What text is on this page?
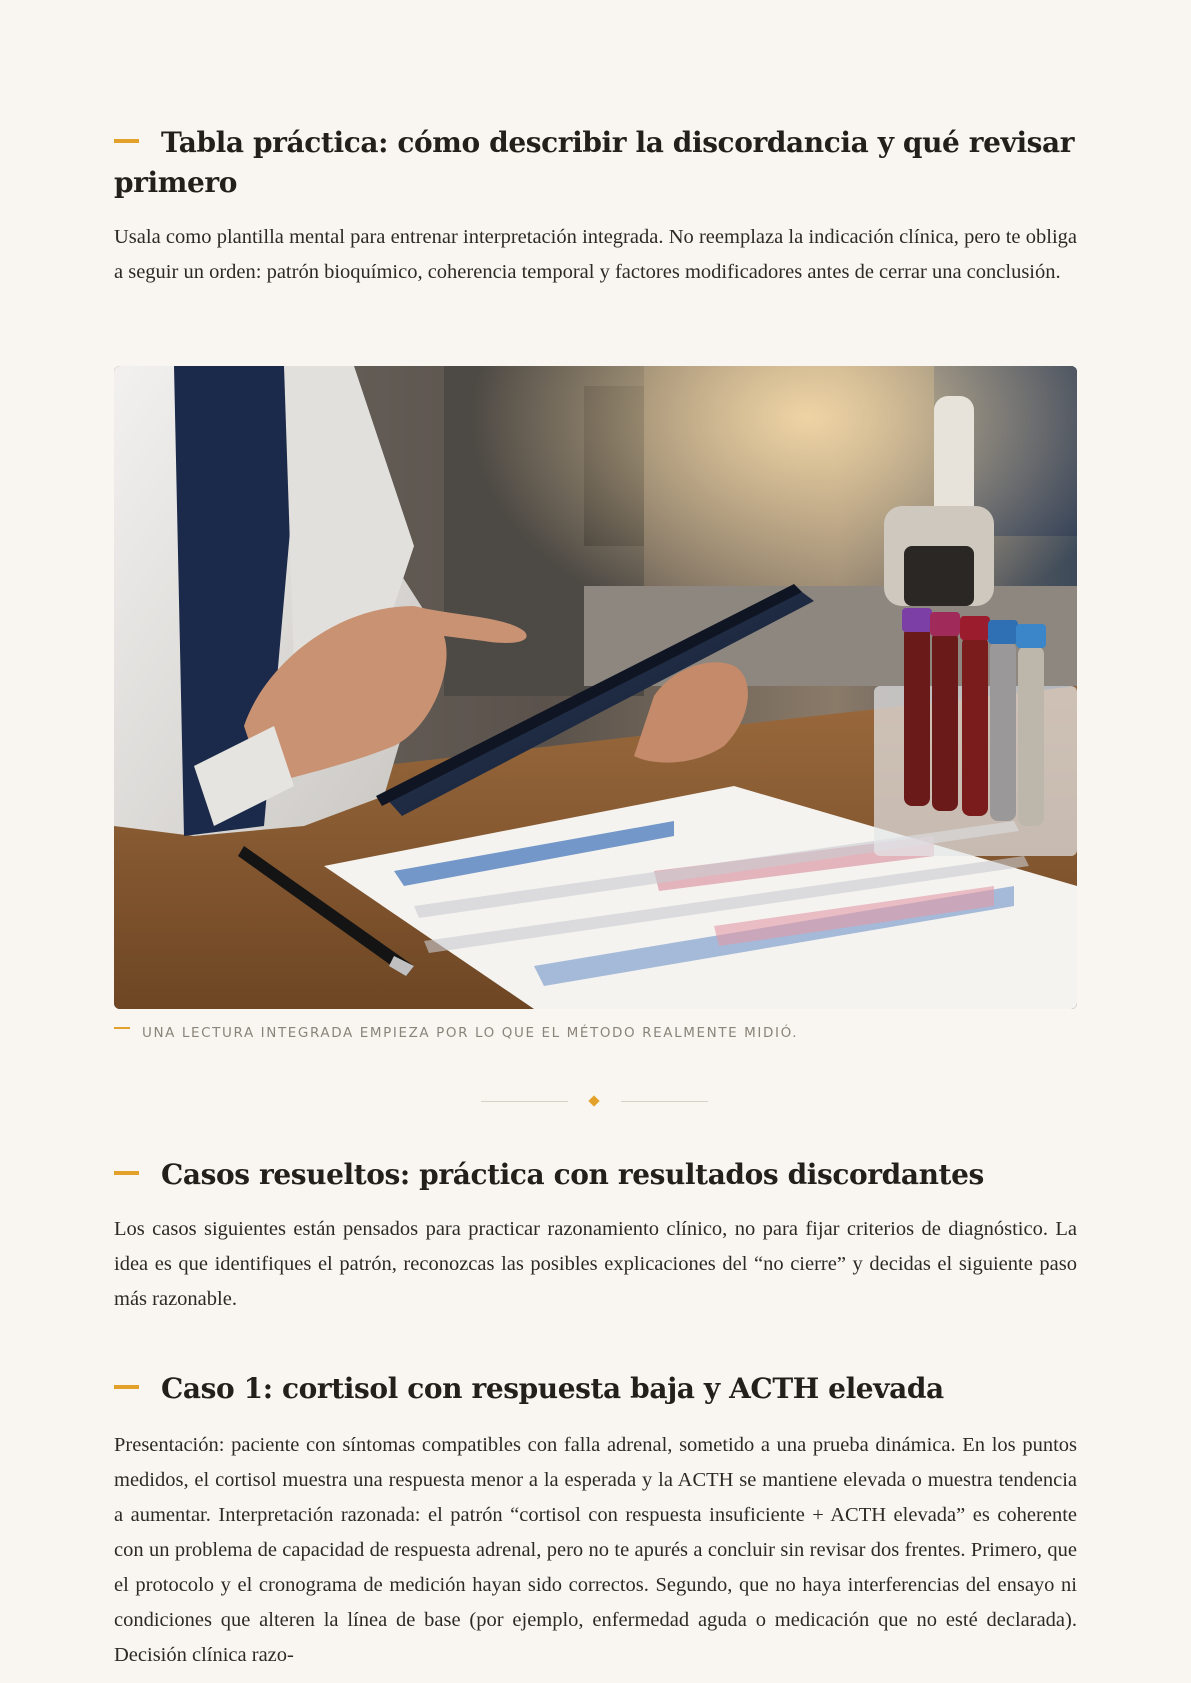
Tabla práctica: cómo describir la discordancia y qué revisar primero

Usala como plantilla mental para entrenar interpretación integrada. No reemplaza la indicación clínica, pero te obliga a seguir un orden: patrón bioquímico, coherencia temporal y factores modificadores antes de cerrar una conclusión.

UNA LECTURA INTEGRADA EMPIEZA POR LO QUE EL MÉTODO REALMENTE MIDIÓ.
Casos resueltos: práctica con resultados discordantes

Los casos siguientes están pensados para practicar razonamiento clínico, no para fijar criterios de diagnóstico. La idea es que identifiques el patrón, reconozcas las posibles explicaciones del “no cierre” y decidas el siguiente paso más razonable.

Caso 1: cortisol con respuesta baja y ACTH elevada

Presentación: paciente con síntomas compatibles con falla adrenal, sometido a una prueba dinámica. En los puntos medidos, el cortisol muestra una respuesta menor a la esperada y la ACTH se mantiene elevada o muestra tendencia a aumentar. Interpretación razonada: el patrón “cortisol con respuesta insuficiente + ACTH elevada” es coherente con un problema de capacidad de respuesta adrenal, pero no te apurés a concluir sin revisar dos frentes. Primero, que el protocolo y el cronograma de medición hayan sido correctos. Segundo, que no haya interferencias del ensayo ni condiciones que alteren la línea de base (por ejemplo, enfermedad aguda o medicación que no esté declarada). Decisión clínica razo-
